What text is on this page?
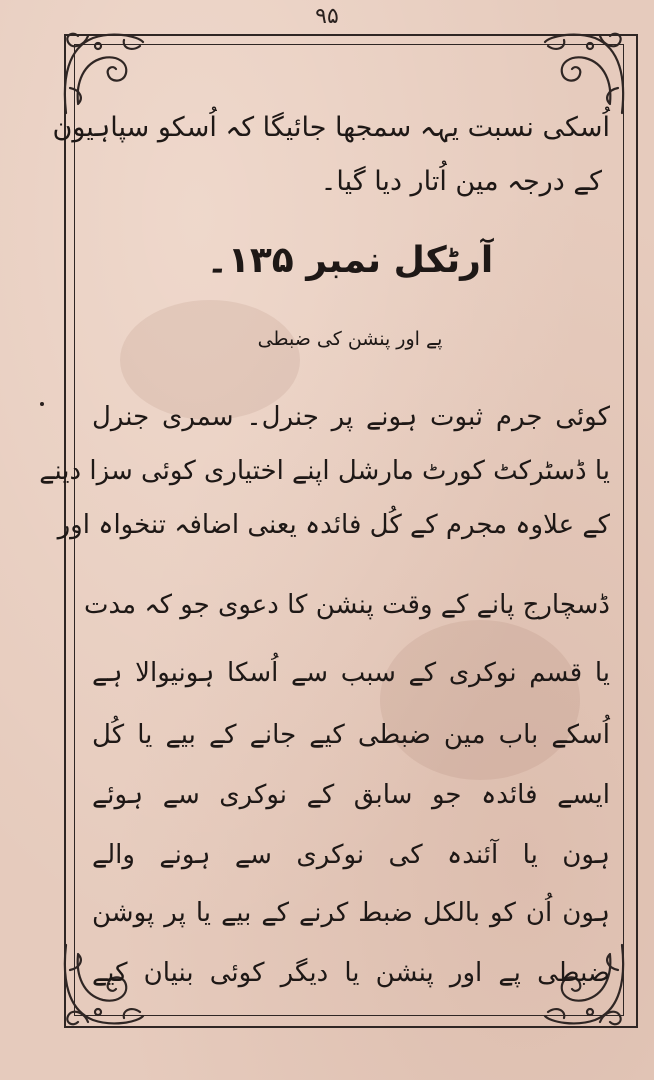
۹۵
اُسکی نسبت یہہ سمجھا جائیگا کہ اُسکو سپاہیون
کے درجہ مین اُتار دیا گیا۔
آرٹکل نمبر ۱۳۵۔
پے اور پنشن کی ضبطی
کوئی جرم ثبوت ہونے پر جنرل۔ سمری جنرل
یا ڈسٹرکٹ کورٹ مارشل اپنے اختیاری کوئی سزا دینے
کے علاوہ مجرم کے کُل فائدہ یعنی اضافہ تنخواہ اور
ڈسچارج پانے کے وقت پنشن کا دعوی جو کہ مدت
یا قسم نوکری کے سبب سے اُسکا ہونیوالا ہے
اُسکے باب مین ضبطی کیے جانے کے بیے یا کُل
ایسے فائدہ جو سابق کے نوکری سے ہوئے
ہون یا آئندہ کی نوکری سے ہونے والے
ہون اُن کو بالکل ضبط کرنے کے بیے یا پر پوشن
ضبطی پے اور پنشن یا دیگر کوئی بنیان کیے
